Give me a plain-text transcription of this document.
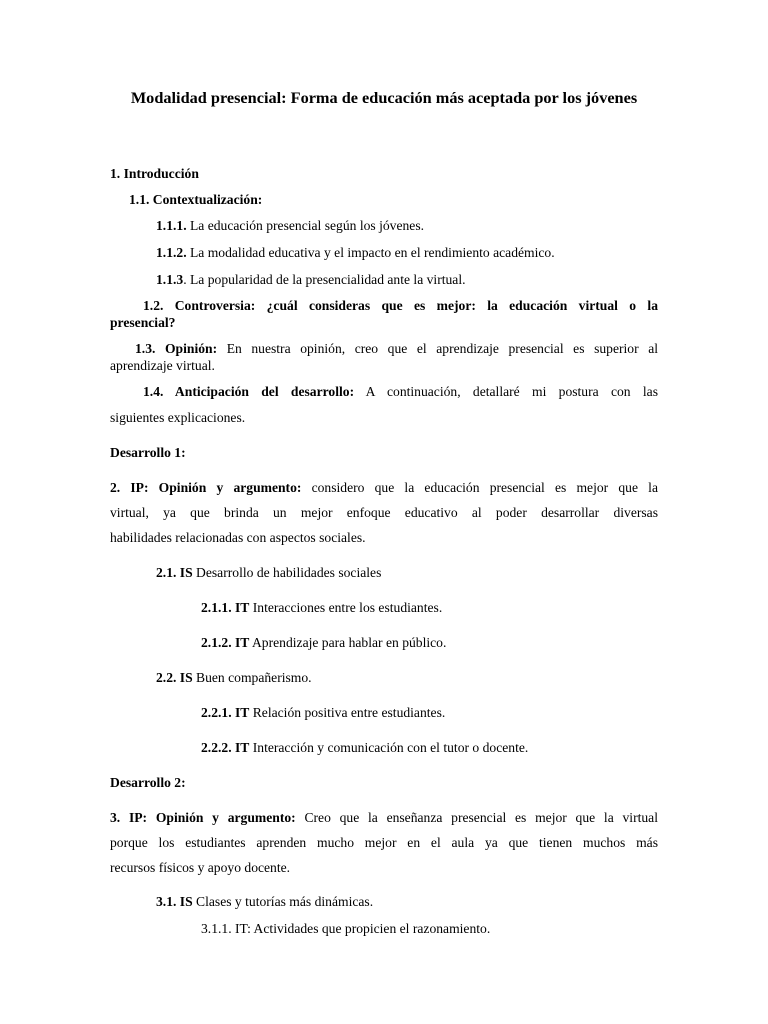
Modalidad presencial: Forma de educación más aceptada por los jóvenes
1. Introducción
1.1. Contextualización:
1.1.1. La educación presencial según los jóvenes.
1.1.2. La modalidad educativa y el impacto en el rendimiento académico.
1.1.3. La popularidad de la presencialidad ante la virtual.
1.2. Controversia: ¿cuál consideras que es mejor: la educación virtual o la
presencial?
1.3. Opinión: En nuestra opinión, creo que el aprendizaje presencial es superior al
aprendizaje virtual.
1.4. Anticipación del desarrollo: A continuación, detallaré mi postura con las
siguientes explicaciones.
Desarrollo 1:
2. IP: Opinión y argumento: considero que la educación presencial es mejor que la
virtual, ya que brinda un mejor enfoque educativo al poder desarrollar diversas
habilidades relacionadas con aspectos sociales.
2.1. IS Desarrollo de habilidades sociales
2.1.1. IT Interacciones entre los estudiantes.
2.1.2. IT Aprendizaje para hablar en público.
2.2. IS Buen compañerismo.
2.2.1. IT Relación positiva entre estudiantes.
2.2.2. IT Interacción y comunicación con el tutor o docente.
Desarrollo 2:
3. IP: Opinión y argumento: Creo que la enseñanza presencial es mejor que la virtual
porque los estudiantes aprenden mucho mejor en el aula ya que tienen muchos más
recursos físicos y apoyo docente.
3.1. IS Clases y tutorías más dinámicas.
3.1.1. IT: Actividades que propicien el razonamiento.
